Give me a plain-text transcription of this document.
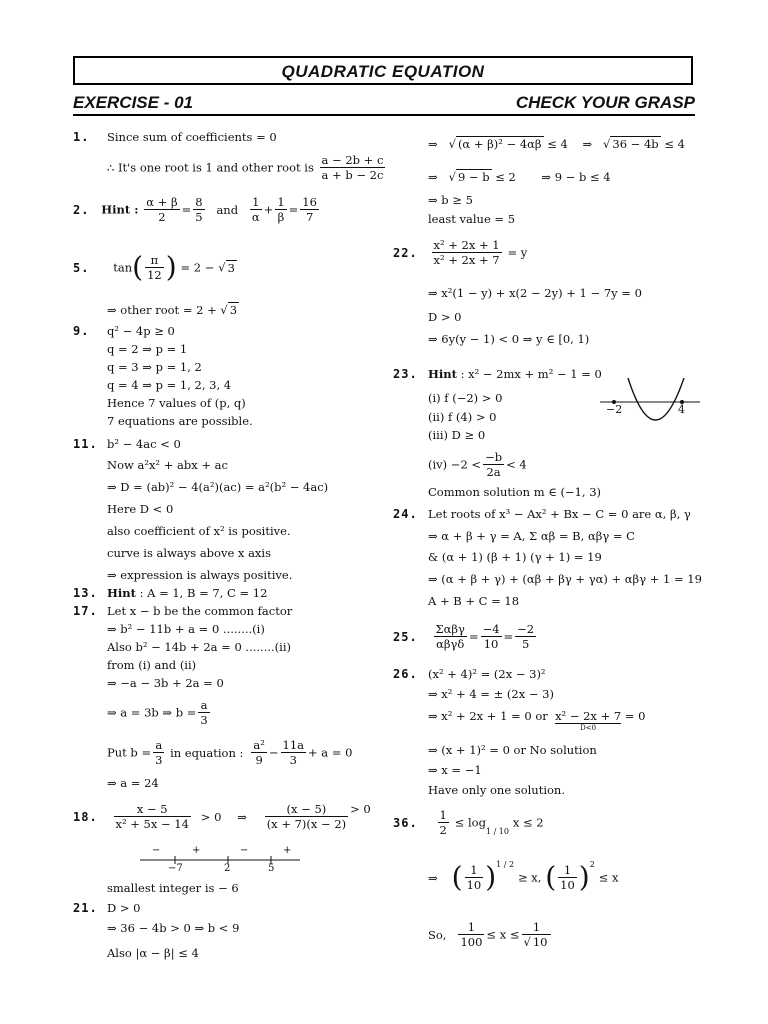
QUADRATIC EQUATION
EXERCISE - 01	CHECK YOUR GRASP
1. Since sum of coefficients = 0
∴ It's one root is 1 and other root is $\frac{a - 2b + c}{a + b - 2c}$
2. Hint : $\frac{\alpha + \beta}{2} = \frac{8}{5}$ and $\frac{1}{\alpha} + \frac{1}{\beta} = \frac{16}{7}$
5. $\tan( \frac{\pi}{12}$ ) = 2 − √ 3
⇒ other root = 2 + √ 3
9. q² − 4p ≥ 0
q = 2 ⇒ p = 1
q = 3 ⇒ p = 1, 2
q = 4 ⇒ p = 1, 2, 3, 4
Hence 7 values of (p, q)
7 equations are possible.
11. b² − 4ac < 0
Now a²x² + abx + ac
⇒ D = (ab)² − 4(a²)(ac) = a²(b² − 4ac)
Here D < 0
also coefficient of x² is positive.
curve is always above x axis
⇒ expression is always positive.
13. Hint : A = 1, B = 7, C = 12
17. Let x − b be the common factor
⇒ b² − 11b + a = 0 ........(i)
Also b² − 14b + 2a = 0 ........(ii)
from (i) and (ii)
⇒ −a − 3b + 2a = 0
⇒ a = 3b ⇒ $b = \frac{a}{3}$
Put $b = \frac{a}{3}$ in equation : $\frac{\text{a²}}{9} - \frac{11a}{3} + a = 0$
⇒ a = 24
18. $\frac{x - 5}{\text{x² + 5x − 14}} > 0$ ⇒ $\frac{(x - 5)}{(x + 7)(x - 2)} > 0$
−	+	−	+
−7	2	5
smallest integer is − 6
21. D > 0
⇒ 36 − 4b > 0 ⇒ b < 9
Also |α − β| ≤ 4
⇒   √ (α + β)² − 4αβ ≤ 4 ⇒   √ 36 − 4b ≤ 4
⇒   √ 9 − b ≤ 2 ⇒ 9 − b ≤ 4
⇒ b ≥ 5
least value = 5
22. $\frac{\text{x² + 2x + 1}}{\text{x² + 2x + 7}} = y$
⇒ x²(1 − y) + x(2 − 2y) + 1 − 7y = 0
D > 0
⇒ 6y(y − 1) < 0 ⇒ y ∈ [0, 1)
23. Hint : x² − 2mx + m² − 1 = 0
(i) f (−2) > 0
(ii) f (4) > 0
(iii) D ≥ 0
$(iv) -2 < \frac{-b}{2a} < 4$
Common solution m ∈ (−1, 3)
−2	4
24. Let roots of x³ − Ax² + Bx − C = 0 are α, β, γ
⇒ α + β + γ = A, Σ αβ = B, αβγ = C
& (α + 1) (β + 1) (γ + 1) = 19
⇒ (α + β + γ) + (αβ + βγ + γα) + αβγ + 1 = 19
A + B + C = 18
25. $\frac{\text{Σαβγ}}{\text{αβγδ}} = \frac{-4}{10} = \frac{-2}{5}$
26. (x² + 4)² = (2x − 3)²
⇒ x² + 4 = ± (2x − 3)
⇒ x² + 2x + 1 = 0 or x² − 2x + 7
D<0
= 0
⇒ (x + 1)² = 0 or No solution
⇒ x = −1
Have only one solution.
36. $\frac{1}{2} \le \log_{1 / 10} x \le 2$
⇒ ( $\frac{1}{10} )^{1 / 2} \ge x$, ( $\frac{1}{10} )^2 \le x$
So, $\frac{1}{100} \le x \le \frac{1}{√ 10}$
